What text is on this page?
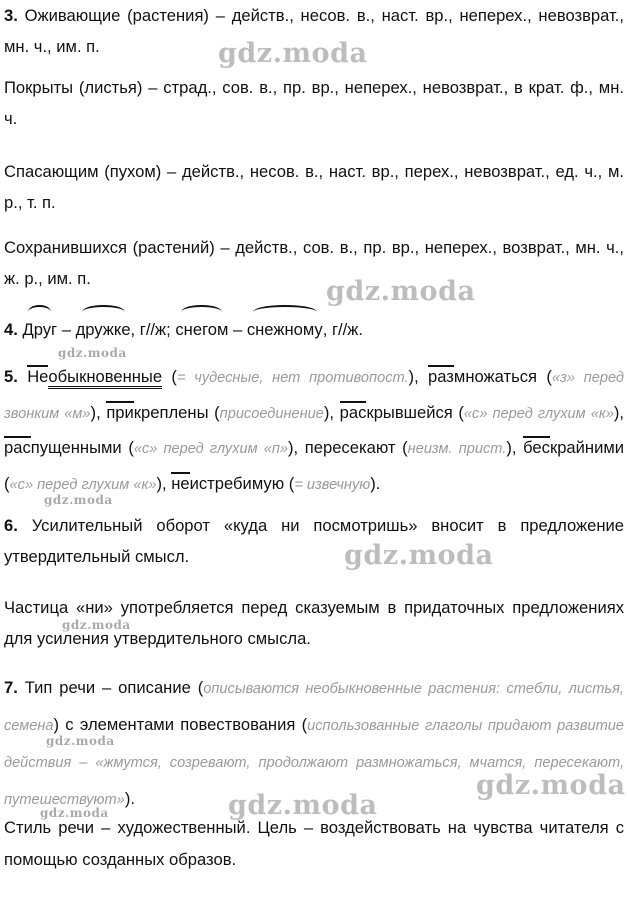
3. Оживающие (растения) – действ., несов. в., наст. вр., неперех., невозврат., мн. ч., им. п.
Покрыты (листья) – страд., сов. в., пр. вр., неперех., невозврат., в крат. ф., мн. ч.
Спасающим (пухом) – действ., несов. в., наст. вр., перех., невозврат., ед. ч., м. р., т. п.
Сохранившихся (растений) – действ., сов. в., пр. вр., неперех., возврат., мн. ч., ж. р., им. п.
4. Друг – дружке, г//ж; снегом – снежному, г//ж.
5. Необыкновенные (= чудесные, нет противопост.), размножаться («з» перед звонким «м»), прикреплены (присоединение), раскрывшейся («с» перед глухим «к»), распущенными («с» перед глухим «п»), пересекают (неизм. прист.), бескрайними («с» перед глухим «к»), неистребимую (= извечную).
6. Усилительный оборот «куда ни посмотришь» вносит в предложение утвердительный смысл.
Частица «ни» употребляется перед сказуемым в придаточных предложениях для усиления утвердительного смысла.
7. Тип речи – описание (описываются необыкновенные растения: стебли, листья, семена) с элементами повествования (использованные глаголы придают развитие действия – «жмутся, созревают, продолжают размножаться, мчатся, пересекают, путешествуют»).
Стиль речи – художественный. Цель – воздействовать на чувства читателя с помощью созданных образов.
gdz.moda
gdz.moda
gdz.moda
gdz.moda
gdz.moda
gdz.moda
gdz.moda
gdz.moda
gdz.moda
gdz.moda
